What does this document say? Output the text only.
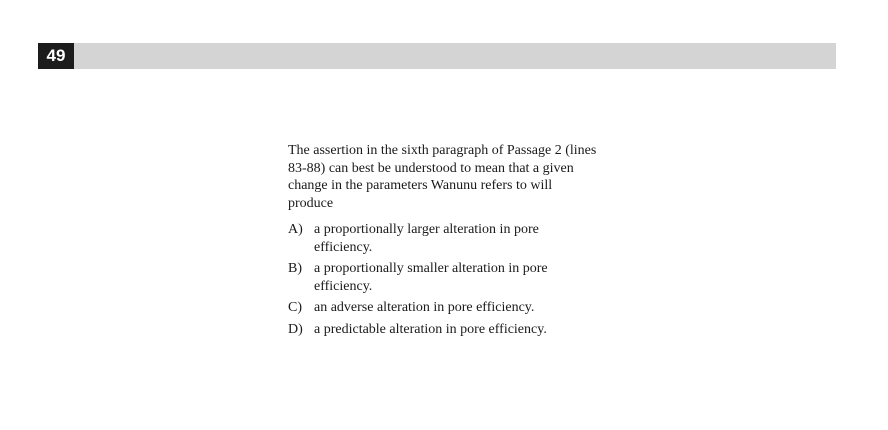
49

The assertion in the sixth paragraph of Passage 2 (lines 83-88) can best be understood to mean that a given change in the parameters Wanunu refers to will produce

A) a proportionally larger alteration in pore efficiency.
B) a proportionally smaller alteration in pore efficiency.
C) an adverse alteration in pore efficiency.
D) a predictable alteration in pore efficiency.
